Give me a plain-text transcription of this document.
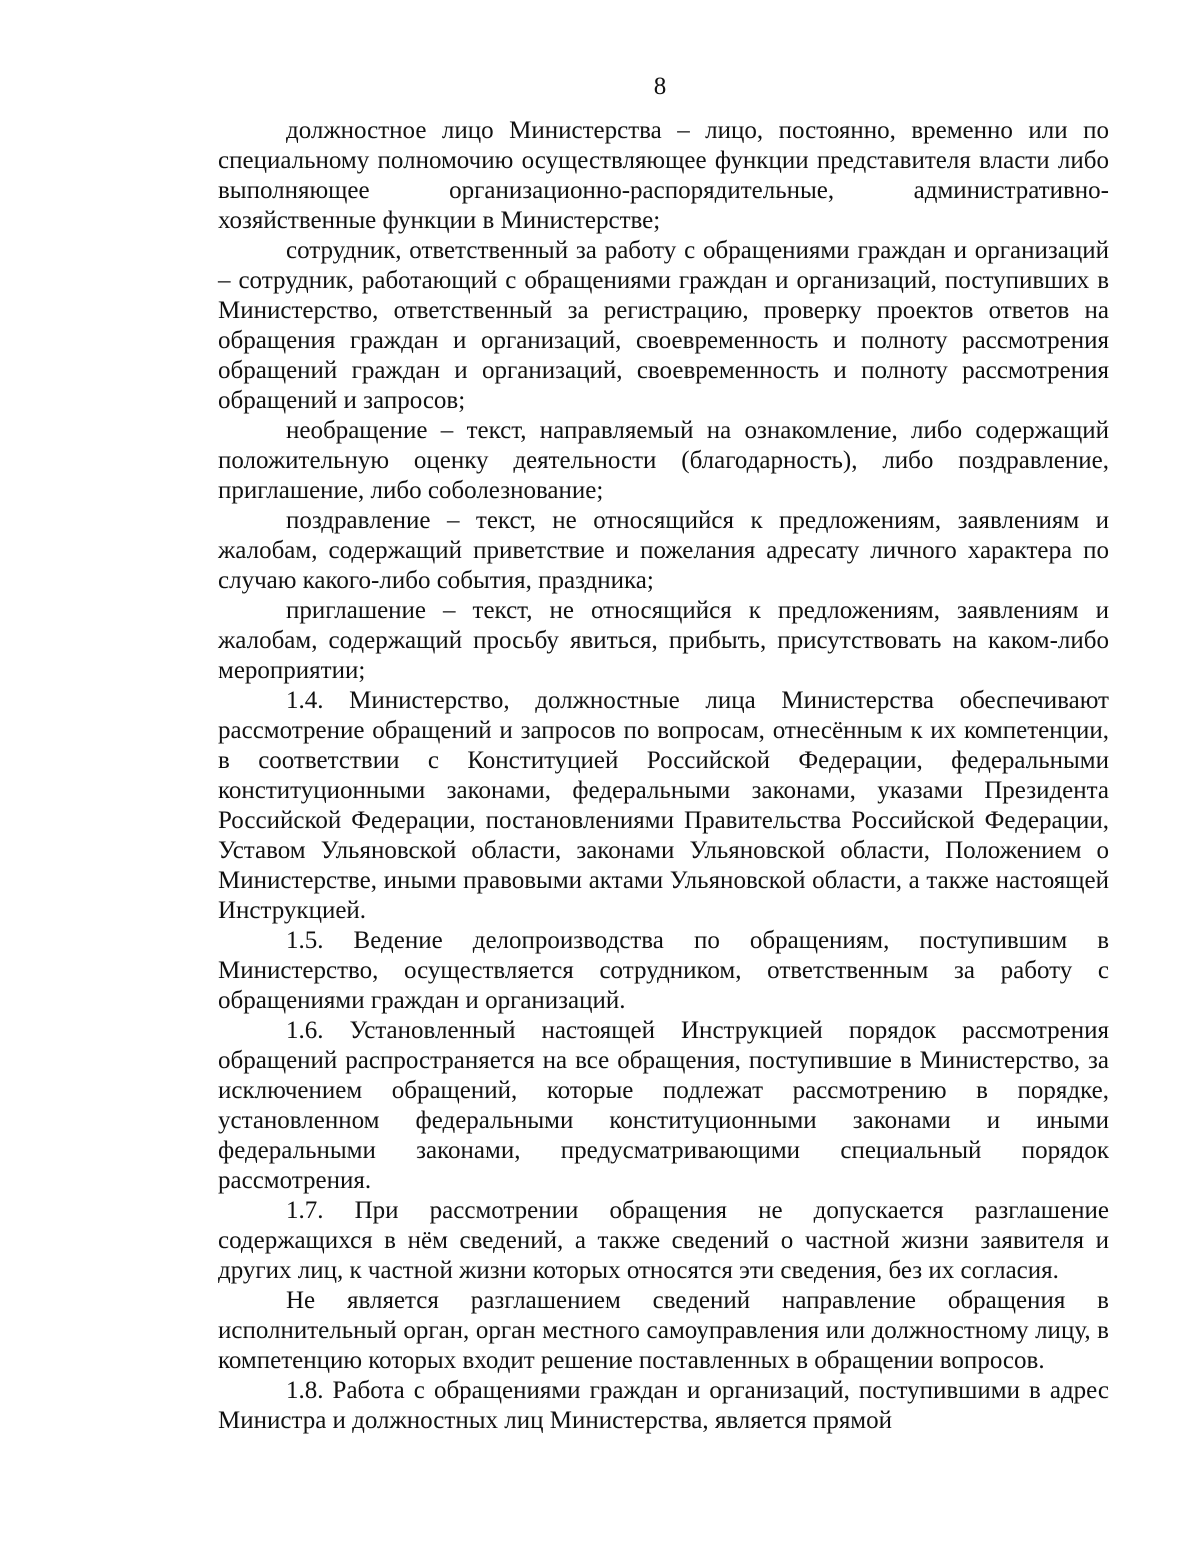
8

должностное лицо Министерства – лицо, постоянно, временно или по специальному полномочию осуществляющее функции представителя власти либо выполняющее организационно-распорядительные, административно-хозяйственные функции в Министерстве;

сотрудник, ответственный за работу с обращениями граждан и организаций – сотрудник, работающий с обращениями граждан и организаций, поступивших в Министерство, ответственный за регистрацию, проверку проектов ответов на обращения граждан и организаций, своевременность и полноту рассмотрения обращений граждан и организаций, своевременность и полноту рассмотрения обращений и запросов;

необращение – текст, направляемый на ознакомление, либо содержащий положительную оценку деятельности (благодарность), либо поздравление, приглашение, либо соболезнование;

поздравление – текст, не относящийся к предложениям, заявлениям и жалобам, содержащий приветствие и пожелания адресату личного характера по случаю какого-либо события, праздника;

приглашение – текст, не относящийся к предложениям, заявлениям и жалобам, содержащий просьбу явиться, прибыть, присутствовать на каком-либо мероприятии;

1.4. Министерство, должностные лица Министерства обеспечивают рассмотрение обращений и запросов по вопросам, отнесённым к их компетенции, в соответствии с Конституцией Российской Федерации, федеральными конституционными законами, федеральными законами, указами Президента Российской Федерации, постановлениями Правительства Российской Федерации, Уставом Ульяновской области, законами Ульяновской области, Положением о Министерстве, иными правовыми актами Ульяновской области, а также настоящей Инструкцией.

1.5. Ведение делопроизводства по обращениям, поступившим в Министерство, осуществляется сотрудником, ответственным за работу с обращениями граждан и организаций.

1.6. Установленный настоящей Инструкцией порядок рассмотрения обращений распространяется на все обращения, поступившие в Министерство, за исключением обращений, которые подлежат рассмотрению в порядке, установленном федеральными конституционными законами и иными федеральными законами, предусматривающими специальный порядок рассмотрения.

1.7. При рассмотрении обращения не допускается разглашение содержащихся в нём сведений, а также сведений о частной жизни заявителя и других лиц, к частной жизни которых относятся эти сведения, без их согласия.

Не является разглашением сведений направление обращения в исполнительный орган, орган местного самоуправления или должностному лицу, в компетенцию которых входит решение поставленных в обращении вопросов.

1.8. Работа с обращениями граждан и организаций, поступившими в адрес Министра и должностных лиц Министерства, является прямой
